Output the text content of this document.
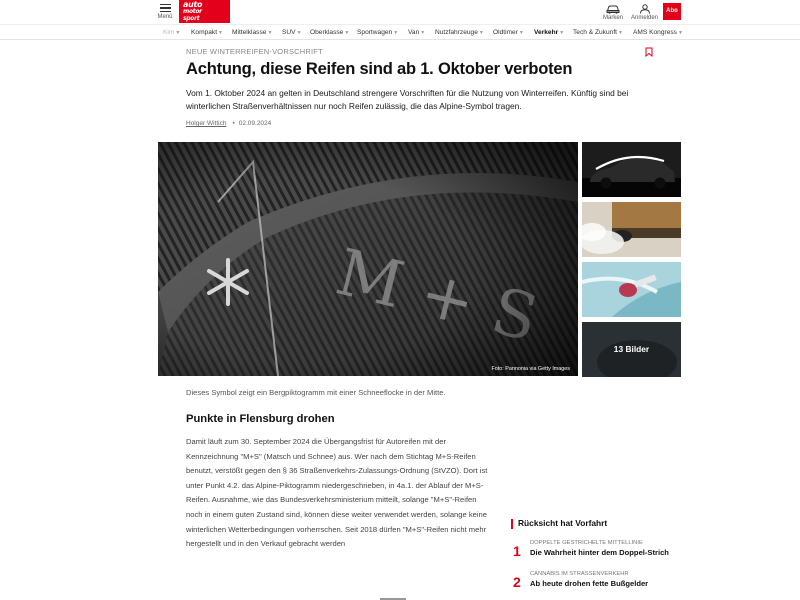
Menü
auto
motor
sport	Marken Anmelden
Abo
Kim▼ Kompakt▼ Mittelklasse▼ SUV▼ Oberklasse▼ Sportwagen▼ Van▼ Nutzfahrzeuge▼ Oldtimer▼ Verkehr▼ Tech & Zukunft▼ AMS Kongress▼
NEUE WINTERREIFEN-VORSCHRIFT
Achtung, diese Reifen sind ab 1. Oktober verboten

Vom 1. Oktober 2024 an gelten in Deutschland strengere Vorschriften für die Nutzung von Winterreifen. Künftig sind bei winterlichen Straßenverhältnissen nur noch Reifen zulässig, die das Alpine-Symbol tragen.

Holger Wittich • 02.09.2024
Foto: Pannonia via Getty Images
13 Bilder

Dieses Symbol zeigt ein Bergpiktogramm mit einer Schneeflocke in der Mitte.

Punkte in Flensburg drohen

Damit läuft zum 30. September 2024 die Übergangsfrist für Autoreifen mit der Kennzeichnung "M+S" (Matsch und Schnee) aus. Wer nach dem Stichtag M+S-Reifen benutzt, verstößt gegen den § 36 Straßenverkehrs-Zulassungs-Ordnung (StVZO). Dort ist unter Punkt 4.2. das Alpine-Piktogramm niedergeschrieben, in 4a.1. der Ablauf der M+S-Reifen. Ausnahme, wie das Bundesverkehrsministerium mitteilt, solange "M+S"-Reifen noch in einem guten Zustand sind, können diese weiter verwendet werden, solange keine winterlichen Wetterbedingungen vorherrschen. Seit 2018 dürfen "M+S"-Reifen nicht mehr hergestellt und in den Verkauf gebracht werden

Rücksicht hat Vorfahrt
1 DOPPELTE GESTRICHELTE MITTELLINIE
Die Wahrheit hinter dem Doppel-Strich
2 CANNABIS IM STRASSENVERKEHR
Ab heute drohen fette Bußgelder
